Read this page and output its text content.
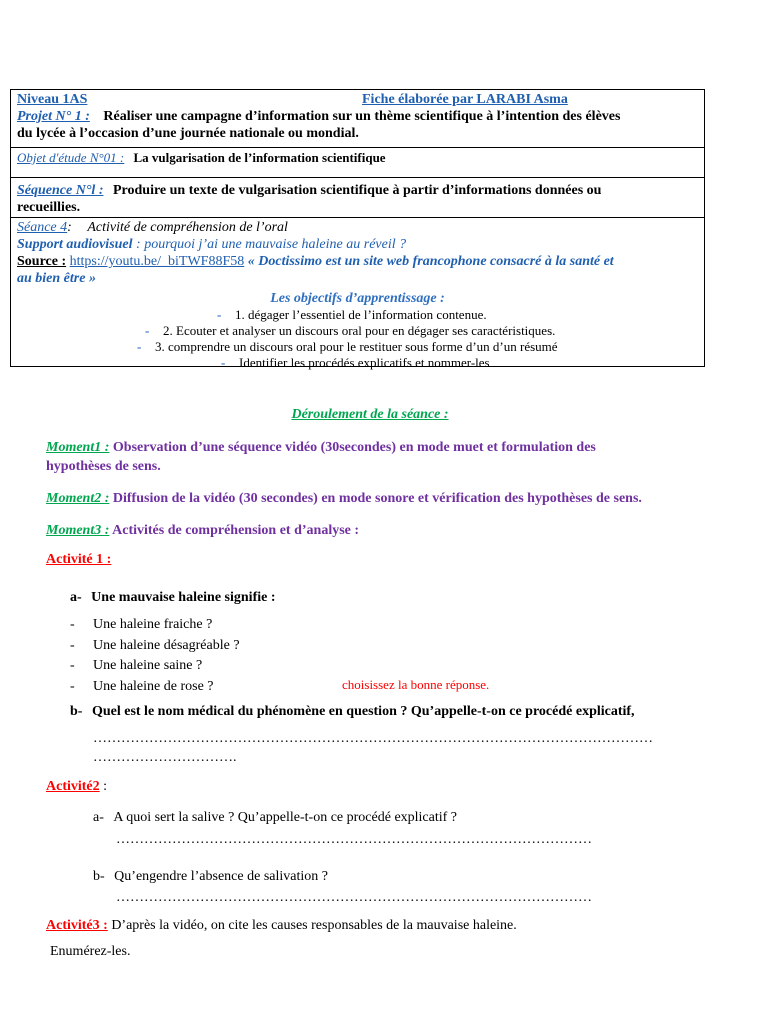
Niveau 1AS	Fiche élaborée par LARABI Asma
Projet N° 1 : Réaliser une campagne d’information sur un thème scientifique à l’intention des élèves
du lycée à l’occasion d’une journée nationale ou mondial.
Objet d'étude N°01 : La vulgarisation de l’information scientifique
Séquence N°l : Produire un texte de vulgarisation scientifique à partir d’informations données ou
recueillies.
Séance 4: Activité de compréhension de l’oral
Support audiovisuel : pourquoi j’ai une mauvaise haleine au réveil ?
Source : https://youtu.be/_biTWF88F58 « Doctissimo est un site web francophone consacré à la santé et
au bien être »
Les objectifs d’apprentissage :
- 1. dégager l’essentiel de l’information contenue.
- 2. Ecouter et analyser un discours oral pour en dégager ses caractéristiques.
- 3. comprendre un discours oral pour le restituer sous forme d’un d’un résumé
- Identifier les procédés explicatifs et nommer-les
Déroulement de la séance :
Moment1 : Observation d’une séquence vidéo (30secondes) en mode muet et formulation des
hypothèses de sens.
Moment2 : Diffusion de la vidéo (30 secondes) en mode sonore et vérification des hypothèses de sens.
Moment3 : Activités de compréhension et d’analyse :
Activité 1 :
a- Une mauvaise haleine signifie :
- Une haleine fraiche ?
- Une haleine désagréable ?
- Une haleine saine ?
- Une haleine de rose ?	choisissez la bonne réponse.
b- Quel est le nom médical du phénomène en question ? Qu’appelle-t-on ce procédé explicatif,
…………………………………………………………………………………………………………
………………………….
Activité2 :
a- A quoi sert la salive ? Qu’appelle-t-on ce procédé explicatif ?
…………………………………………………………………………………………
b- Qu’engendre l’absence de salivation ?
…………………………………………………………………………………………
Activité3 : D’après la vidéo, on cite les causes responsables de la mauvaise haleine.
Enumérez-les.
